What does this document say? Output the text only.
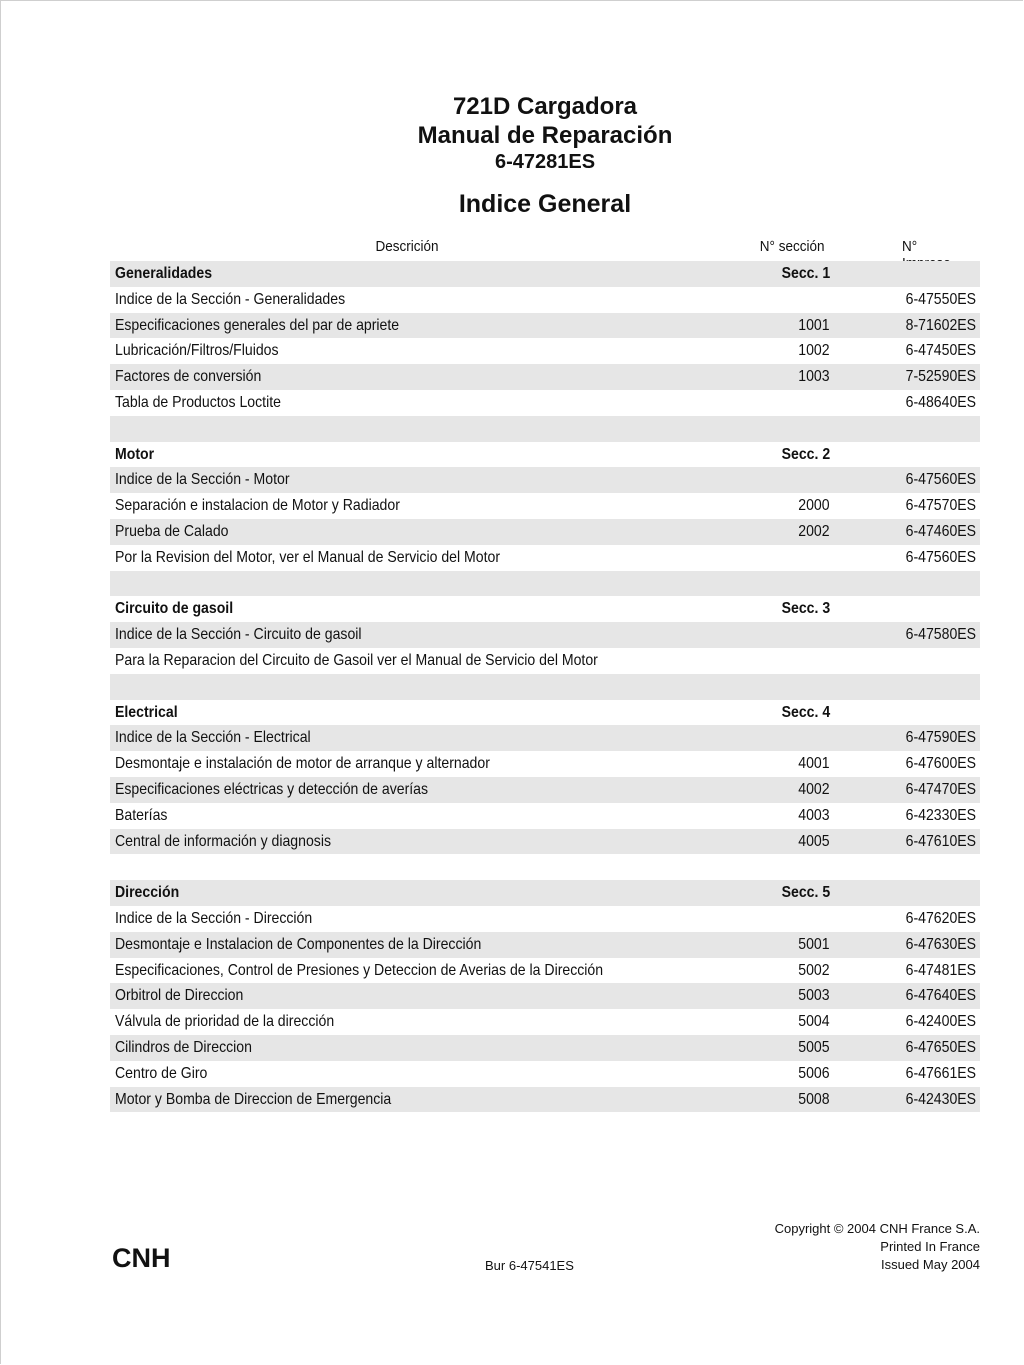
721D Cargadora
Manual de Reparación
6-47281ES
Indice General
Descrición	N° sección	N°
Generalidades	Secc. 1
Indice de la Sección - Generalidades	6-47550ES
Especificaciones generales del par de apriete	1001	8-71602ES
Lubricación/Filtros/Fluidos	1002	6-47450ES
Factores de conversión	1003	7-52590ES
Tabla de Productos Loctite	6-48640ES
Motor	Secc. 2
Indice de la Sección - Motor	6-47560ES
Separación e instalacion de Motor y Radiador	2000	6-47570ES
Prueba de Calado	2002	6-47460ES
Por la Revision del Motor, ver el Manual de Servicio del Motor	6-47560ES
Circuito de gasoil	Secc. 3
Indice de la Sección - Circuito de gasoil	6-47580ES
Para la Reparacion del Circuito de Gasoil ver el Manual de Servicio del Motor
Electrical	Secc. 4
Indice de la Sección - Electrical	6-47590ES
Desmontaje e instalación de motor de arranque y alternador	4001	6-47600ES
Especificaciones eléctricas y detección de averías	4002	6-47470ES
Baterías	4003	6-42330ES
Central de información y diagnosis	4005	6-47610ES
Dirección	Secc. 5
Indice de la Sección - Dirección	6-47620ES
Desmontaje e Instalacion de Componentes de la Dirección	5001	6-47630ES
Especificaciones, Control de Presiones y Deteccion de Averias de la Dirección	5002	6-47481ES
Orbitrol de Direccion	5003	6-47640ES
Válvula de prioridad de la dirección	5004	6-42400ES
Cilindros de Direccion	5005	6-47650ES
Centro de Giro	5006	6-47661ES
Motor y Bomba de Direccion de Emergencia	5008	6-42430ES
CNH	Bur 6-47541ES
Copyright © 2004 CNH France S.A.
Printed In France
Issued May 2004
